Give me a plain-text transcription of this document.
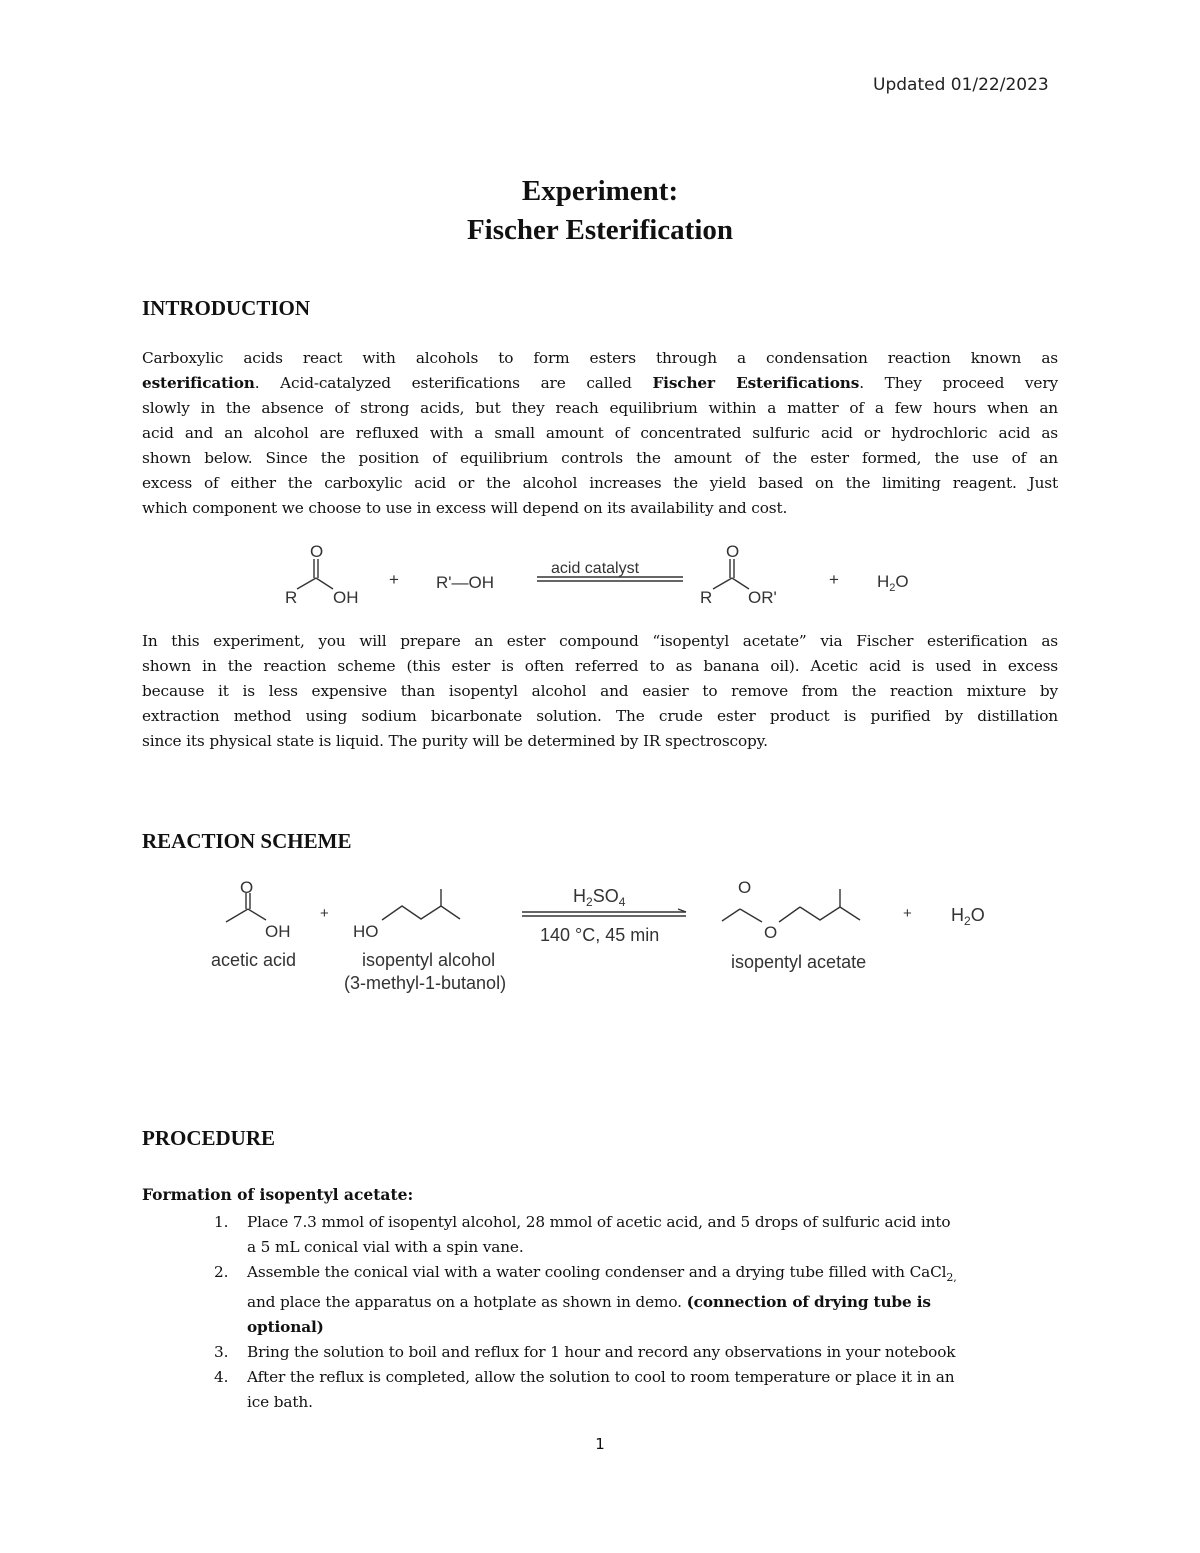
Updated 01/22/2023
Experiment:
Fischer Esterification
INTRODUCTION
Carboxylic acids react with alcohols to form esters through a condensation reaction known as
esterification. Acid-catalyzed esterifications are called Fischer Esterifications. They proceed very
slowly in the absence of strong acids, but they reach equilibrium within a matter of a few hours when an
acid and an alcohol are refluxed with a small amount of concentrated sulfuric acid or hydrochloric acid as
shown below. Since the position of equilibrium controls the amount of the ester formed, the use of an
excess of either the carboxylic acid or the alcohol increases the yield based on the limiting reagent. Just
which component we choose to use in excess will depend on its availability and cost.
O
R OH
+ R'—OH
acid catalyst
O
R OR'
+ $H_2O$
In this experiment, you will prepare an ester compound “isopentyl acetate” via Fischer esterification as
shown in the reaction scheme (this ester is often referred to as banana oil). Acetic acid is used in excess
because it is less expensive than isopentyl alcohol and easier to remove from the reaction mixture by
extraction method using sodium bicarbonate solution. The crude ester product is purified by distillation
since its physical state is liquid. The purity will be determined by IR spectroscopy.
REACTION SCHEME
O
OH
acetic acid
+
HO
isopentyl alcohol
(3-methyl-1-butanol)
$H_2SO_4$
140 °C, 45 min
O
O
isopentyl acetate
+ $H_2O$
PROCEDURE
Formation of isopentyl acetate:
1. Place 7.3 mmol of isopentyl alcohol, 28 mmol of acetic acid, and 5 drops of sulfuric acid into
a 5 mL conical vial with a spin vane.
2. Assemble the conical vial with a water cooling condenser and a drying tube filled with CaCl$_{2,}$
and place the apparatus on a hotplate as shown in demo. (connection of drying tube is
optional)
3. Bring the solution to boil and reflux for 1 hour and record any observations in your notebook
4. After the reflux is completed, allow the solution to cool to room temperature or place it in an
ice bath.
1
